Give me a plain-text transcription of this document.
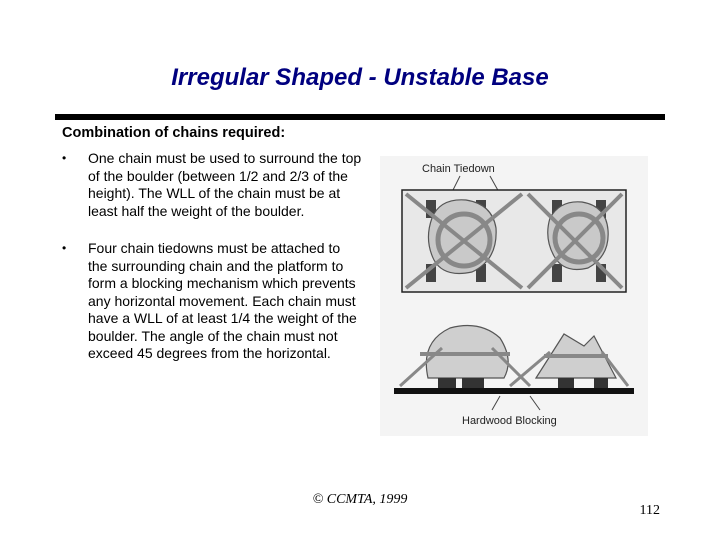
Irregular Shaped - Unstable Base
Combination of chains required:
•	One chain must be used to surround the top of the boulder (between 1/2 and 2/3 of the height). The WLL of the chain must be at least half the weight of the boulder.
•	Four chain tiedowns must be attached to the surrounding chain and the platform to form a blocking mechanism which prevents any horizontal movement. Each chain must have a WLL of at least 1/4 the weight of the boulder. The angle of the chain must not exceed 45 degrees from the horizontal.
Chain Tiedown
Hardwood Blocking
© CCMTA, 1999
112
